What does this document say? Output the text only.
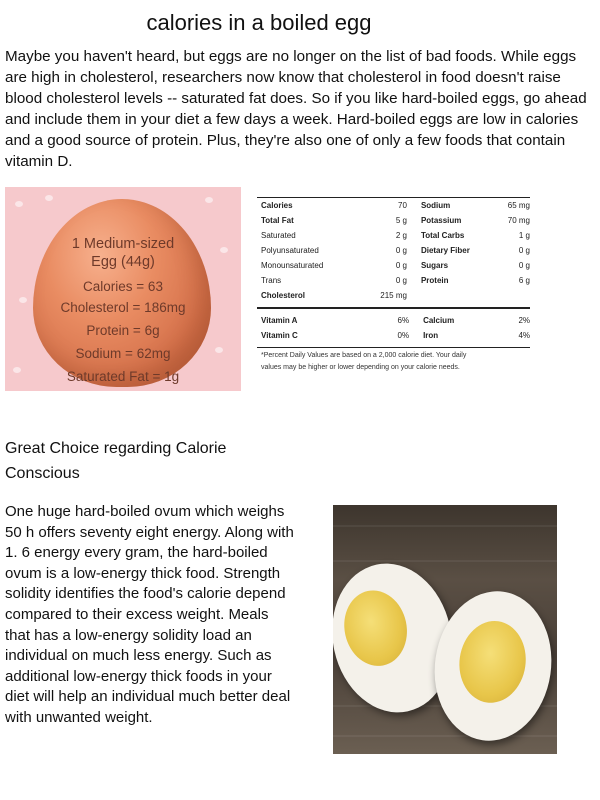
calories in a boiled egg

Maybe you haven't heard, but eggs are no longer on the list of bad foods. While eggs are high in cholesterol, researchers now know that cholesterol in food doesn't raise blood cholesterol levels -- saturated fat does. So if you like hard-boiled eggs, go ahead and include them in your diet a few days a week. Hard-boiled eggs are low in calories and a good source of protein. Plus, they're also one of only a few foods that contain vitamin D.

1 Medium-sized
Egg (44g)
Calories = 63
Cholesterol = 186mg
Protein = 6g
Sodium = 62mg
Saturated Fat = 1g
Calories	70	Sodium	65 mg
Total Fat	5 g	Potassium	70 mg
Saturated	2 g	Total Carbs	1 g
Polyunsaturated	0 g	Dietary Fiber	0 g
Monounsaturated	0 g	Sugars	0 g
Trans	0 g	Protein	6 g
Cholesterol	215 mg		
Vitamin A	6%	Calcium	2%
Vitamin C	0%	Iron	4%
*Percent Daily Values are based on a 2,000 calorie diet. Your daily
values may be higher or lower depending on your calorie needs.
Great Choice regarding Calorie Conscious

One huge hard-boiled ovum which weighs 50 h offers seventy eight energy. Along with 1. 6 energy every gram, the hard-boiled ovum is a low-energy thick food. Strength solidity identifies the food's calorie depend compared to their excess weight. Meals that has a low-energy solidity load an individual on much less energy. Such as additional low-energy thick foods in your diet will help an individual much better deal with unwanted weight.
